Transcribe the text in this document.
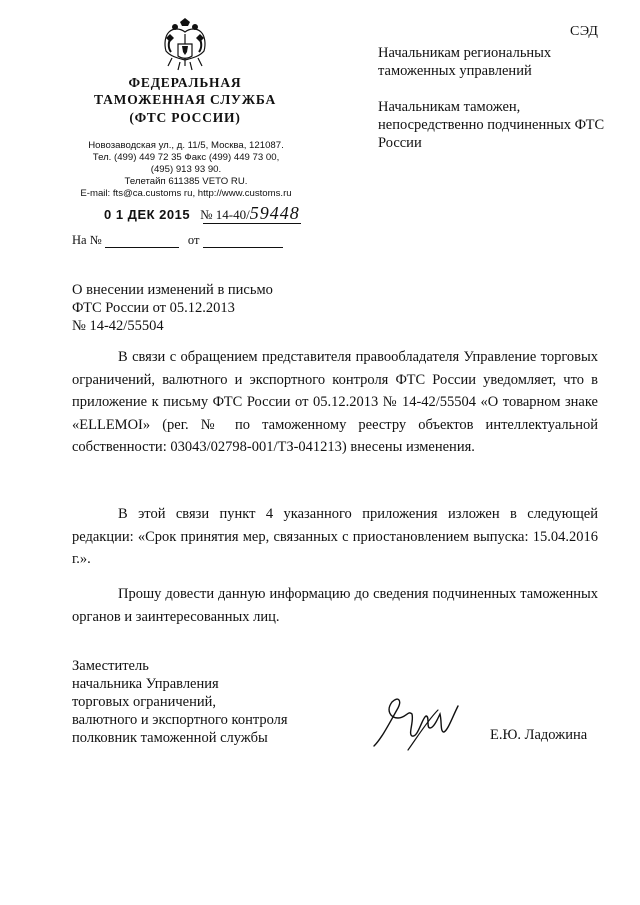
СЭД
ФЕДЕРАЛЬНАЯ
ТАМОЖЕННАЯ СЛУЖБА
(ФТС РОССИИ)
Новозаводская ул., д. 11/5, Москва, 121087.
Тел. (499) 449 72 35 Факс (499) 449 73 00,
(495) 913 93 90.
Телетайп 611385 VETO RU.
E-mail: fts@ca.customs ru, http://www.customs.ru
0 1 ДЕК 2015 № 14-40/59448
На №	от
Начальникам региональных таможенных управлений
Начальникам таможен, непосредственно подчиненных ФТС России
О внесении изменений в письмо
ФТС России от 05.12.2013
№ 14-42/55504

В связи с обращением представителя правообладателя Управление торговых ограничений, валютного и экспортного контроля ФТС России уведомляет, что в приложение к письму ФТС России от 05.12.2013 № 14-42/55504 «О товарном знаке «ELLEMOI» (рег. № по таможенному реестру объектов интеллектуальной собственности: 03043/02798-001/ТЗ-041213) внесены изменения.

В этой связи пункт 4 указанного приложения изложен в следующей редакции: «Срок принятия мер, связанных с приостановлением выпуска: 15.04.2016 г.».

Прошу довести данную информацию до сведения подчиненных таможенных органов и заинтересованных лиц.

Заместитель
начальника Управления
торговых ограничений,
валютного и экспортного контроля
полковник таможенной службы	Е.Ю. Ладожина
